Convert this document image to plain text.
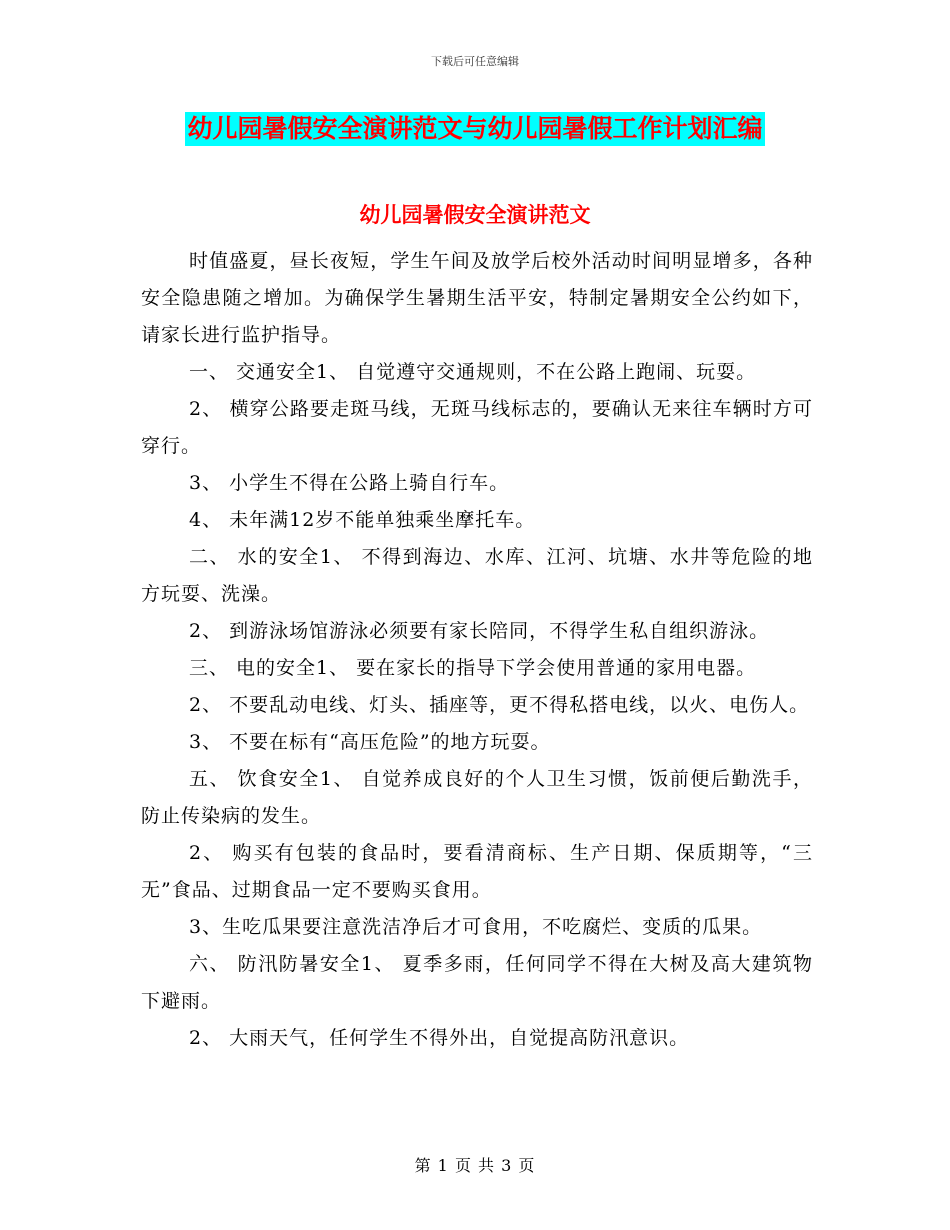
下载后可任意编辑
幼儿园暑假安全演讲范文与幼儿园暑假工作计划汇编
幼儿园暑假安全演讲范文

时值盛夏，昼长夜短，学生午间及放学后校外活动时间明显增多，各种安全隐患随之增加。为确保学生暑期生活平安，特制定暑期安全公约如下，请家长进行监护指导。

一、 交通安全1、 自觉遵守交通规则，不在公路上跑闹、玩耍。

2、 横穿公路要走斑马线，无斑马线标志的，要确认无来往车辆时方可穿行。

3、 小学生不得在公路上骑自行车。

4、 未年满12岁不能单独乘坐摩托车。

二、 水的安全1、 不得到海边、水库、江河、坑塘、水井等危险的地方玩耍、洗澡。

2、 到游泳场馆游泳必须要有家长陪同，不得学生私自组织游泳。

三、 电的安全1、 要在家长的指导下学会使用普通的家用电器。

2、 不要乱动电线、灯头、插座等，更不得私搭电线，以火、电伤人。

3、 不要在标有“高压危险”的地方玩耍。

五、 饮食安全1、 自觉养成良好的个人卫生习惯，饭前便后勤洗手，防止传染病的发生。

2、 购买有包装的食品时，要看清商标、生产日期、保质期等，“三无”食品、过期食品一定不要购买食用。

3、生吃瓜果要注意洗洁净后才可食用，不吃腐烂、变质的瓜果。

六、 防汛防暑安全1、 夏季多雨，任何同学不得在大树及高大建筑物下避雨。

2、 大雨天气，任何学生不得外出，自觉提高防汛意识。

第 1 页 共 3 页
